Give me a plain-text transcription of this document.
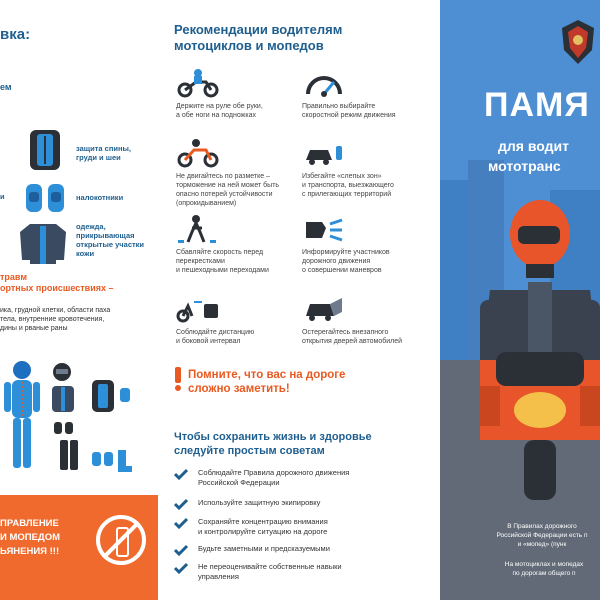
вка:
ем
защита спины,
груди и шеи
и	налокотники
одежда,
прикрывающая
открытые участки
кожи
травм
ортных происшествиях –
ика, грудной клетки, области паха
тела, внутренние кровотечения,
дины и рваные раны
ПРАВЛЕНИЕ
И МОПЕДОМ
ЬЯНЕНИЯ !!!
Рекомендации водителям
мотоциклов и мопедов
Держите на руле обе руки,
а обе ноги на подножках
Правильно выбирайте
скоростной режим движения
Не двигайтесь по разметке –
торможение на ней может быть
опасно потерей устойчивости
(опрокидыванием)
Избегайте «слепых зон»
и транспорта, выезжающего
с прилегающих территорий
Сбавляйте скорость перед
перекрестками
и пешеходными переходами
Информируйте участников
дорожного движения
о совершении маневров
Соблюдайте дистанцию
и боковой интервал
Остерегайтесь внезапного
открытия дверей автомобилей
Помните, что вас на дороге
сложно заметить!
Чтобы сохранить жизнь и здоровье
следуйте простым советам
Соблюдайте Правила дорожного движения
Российской Федерации
Используйте защитную экипировку
Сохраняйте концентрацию внимания
и контролируйте ситуацию на дороге
Будьте заметными и предсказуемыми
Не переоценивайте собственные навыки
управления
ПАМЯ
для водит
мототранс
В Правилах дорожного
Российской Федерации есть п
и «мопед» (пунк
На мотоциклах и мопедах
по дорогам общего п
